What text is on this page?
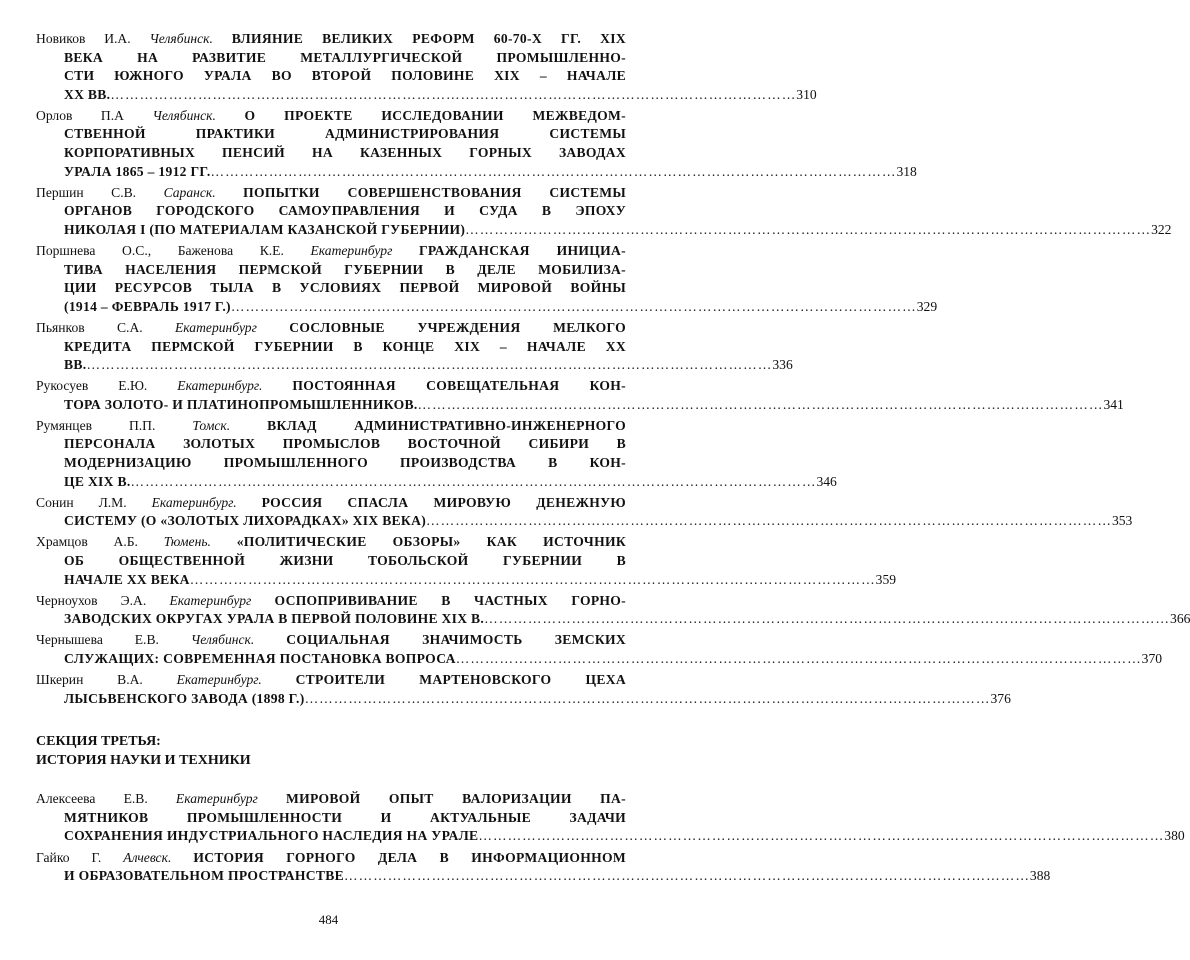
Новиков И.А. Челябинск. ВЛИЯНИЕ ВЕЛИКИХ РЕФОРМ 60-70-Х ГГ. XIX
ВЕКА НА РАЗВИТИЕ МЕТАЛЛУРГИЧЕСКОЙ ПРОМЫШЛЕННО-
СТИ ЮЖНОГО УРАЛА ВО ВТОРОЙ ПОЛОВИНЕ XIX – НАЧАЛЕ
XX ВВ. …………………………………………………………………………………………………………………………… 310
Орлов П.А Челябинск. О ПРОЕКТЕ ИССЛЕДОВАНИИ МЕЖВЕДОМ-
СТВЕННОЙ ПРАКТИКИ АДМИНИСТРИРОВАНИЯ СИСТЕМЫ
КОРПОРАТИВНЫХ ПЕНСИЙ НА КАЗЕННЫХ ГОРНЫХ ЗАВОДАХ
УРАЛА 1865 – 1912 ГГ. …………………………………………………………………………………………………………………………… 318
Першин С.В. Саранск. ПОПЫТКИ СОВЕРШЕНСТВОВАНИЯ СИСТЕМЫ
ОРГАНОВ ГОРОДСКОГО САМОУПРАВЛЕНИЯ И СУДА В ЭПОХУ
НИКОЛАЯ I (ПО МАТЕРИАЛАМ КАЗАНСКОЙ ГУБЕРНИИ) …………………………………………………………………………………………………………………………… 322
Поршнева О.С., Баженова К.Е. Екатеринбург ГРАЖДАНСКАЯ ИНИЦИА-
ТИВА НАСЕЛЕНИЯ ПЕРМСКОЙ ГУБЕРНИИ В ДЕЛЕ МОБИЛИЗА-
ЦИИ РЕСУРСОВ ТЫЛА В УСЛОВИЯХ ПЕРВОЙ МИРОВОЙ ВОЙНЫ
(1914 – ФЕВРАЛЬ 1917 Г.) …………………………………………………………………………………………………………………………… 329
Пьянков С.А. Екатеринбург СОСЛОВНЫЕ УЧРЕЖДЕНИЯ МЕЛКОГО
КРЕДИТА ПЕРМСКОЙ ГУБЕРНИИ В КОНЦЕ XIX – НАЧАЛЕ XX
ВВ. …………………………………………………………………………………………………………………………… 336
Рукосуев Е.Ю. Екатеринбург. ПОСТОЯННАЯ СОВЕЩАТЕЛЬНАЯ КОН-
ТОРА ЗОЛОТО- И ПЛАТИНОПРОМЫШЛЕННИКОВ. …………………………………………………………………………………………………………………………… 341
Румянцев П.П.	Томск.	ВКЛАД АДМИНИСТРАТИВНО-ИНЖЕНЕРНОГО
ПЕРСОНАЛА ЗОЛОТЫХ ПРОМЫСЛОВ ВОСТОЧНОЙ СИБИРИ В
МОДЕРНИЗАЦИЮ ПРОМЫШЛЕННОГО ПРОИЗВОДСТВА В КОН-
ЦЕ XIX В. …………………………………………………………………………………………………………………………… 346
Сонин Л.М. Екатеринбург. РОССИЯ СПАСЛА МИРОВУЮ ДЕНЕЖНУЮ
СИСТЕМУ (О «ЗОЛОТЫХ ЛИХОРАДКАХ» XIX ВЕКА) …………………………………………………………………………………………………………………………… 353
Храмцов А.Б. Тюмень. «ПОЛИТИЧЕСКИЕ ОБЗОРЫ» КАК ИСТОЧНИК
ОБ ОБЩЕСТВЕННОЙ ЖИЗНИ ТОБОЛЬСКОЙ ГУБЕРНИИ В
НАЧАЛЕ XX ВЕКА …………………………………………………………………………………………………………………………… 359
Черноухов Э.А. Екатеринбург ОСПОПРИВИВАНИЕ В ЧАСТНЫХ ГОРНО-
ЗАВОДСКИХ ОКРУГАХ УРАЛА В ПЕРВОЙ ПОЛОВИНЕ XIX В. …………………………………………………………………………………………………………………………… 366
Чернышева Е.В. Челябинск. СОЦИАЛЬНАЯ ЗНАЧИМОСТЬ ЗЕМСКИХ
СЛУЖАЩИХ: СОВРЕМЕННАЯ ПОСТАНОВКА ВОПРОСА …………………………………………………………………………………………………………………………… 370
Шкерин В.А. Екатеринбург. СТРОИТЕЛИ МАРТЕНОВСКОГО ЦЕХА
ЛЫСЬВЕНСКОГО ЗАВОДА (1898 Г.) …………………………………………………………………………………………………………………………… 376
СЕКЦИЯ ТРЕТЬЯ:
ИСТОРИЯ НАУКИ И ТЕХНИКИ
Алексеева Е.В. Екатеринбург МИРОВОЙ ОПЫТ ВАЛОРИЗАЦИИ ПА-
МЯТНИКОВ ПРОМЫШЛЕННОСТИ И АКТУАЛЬНЫЕ ЗАДАЧИ
СОХРАНЕНИЯ ИНДУСТРИАЛЬНОГО НАСЛЕДИЯ НА УРАЛЕ …………………………………………………………………………………………………………………………… 380
Гайко Г. Алчевск. ИСТОРИЯ ГОРНОГО ДЕЛА В ИНФОРМАЦИОННОМ
И ОБРАЗОВАТЕЛЬНОМ ПРОСТРАНСТВЕ …………………………………………………………………………………………………………………………… 388
484
